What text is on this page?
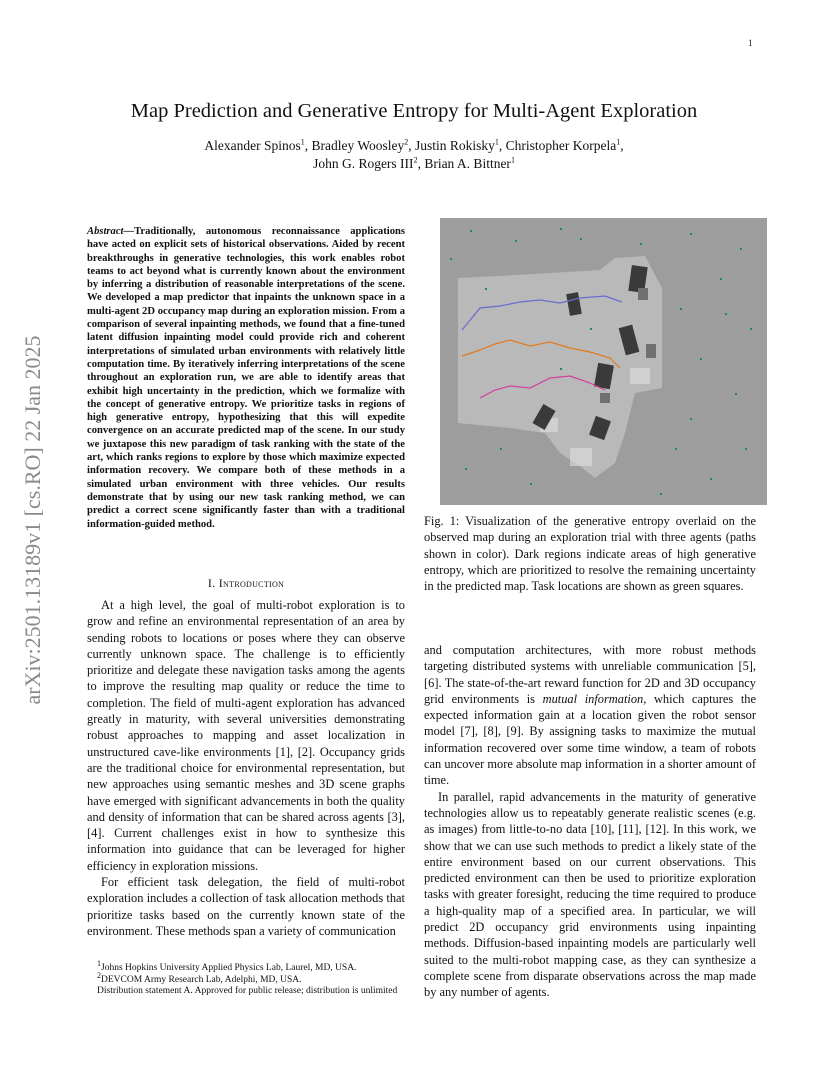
1
Map Prediction and Generative Entropy for Multi-Agent Exploration
Alexander Spinos$^1$, Bradley Woosley$^2$, Justin Rokisky$^1$, Christopher Korpela$^1$,
John G. Rogers III$^2$, Brian A. Bittner$^1$
arXiv:2501.13189v1 [cs.RO] 22 Jan 2025
Abstract—Traditionally, autonomous reconnaissance applications have acted on explicit sets of historical observations. Aided by recent breakthroughs in generative technologies, this work enables robot teams to act beyond what is currently known about the environment by inferring a distribution of reasonable interpretations of the scene. We developed a map predictor that inpaints the unknown space in a multi-agent 2D occupancy map during an exploration mission. From a comparison of several inpainting methods, we found that a fine-tuned latent diffusion inpainting model could provide rich and coherent interpretations of simulated urban environments with relatively little computation time. By iteratively inferring interpretations of the scene throughout an exploration run, we are able to identify areas that exhibit high uncertainty in the prediction, which we formalize with the concept of generative entropy. We prioritize tasks in regions of high generative entropy, hypothesizing that this will expedite convergence on an accurate predicted map of the scene. In our study we juxtapose this new paradigm of task ranking with the state of the art, which ranks regions to explore by those which maximize expected information recovery. We compare both of these methods in a simulated urban environment with three vehicles. Our results demonstrate that by using our new task ranking method, we can predict a correct scene significantly faster than with a traditional information-guided method.
I. Introduction

At a high level, the goal of multi-robot exploration is to grow and refine an environmental representation of an area by sending robots to locations or poses where they can observe currently unknown space. The challenge is to efficiently prioritize and delegate these navigation tasks among the agents to improve the resulting map quality or reduce the time to completion. The field of multi-agent exploration has advanced greatly in maturity, with several universities demonstrating robust approaches to mapping and asset localization in unstructured cave-like environments [1], [2]. Occupancy grids are the traditional choice for environmental representation, but new approaches using semantic meshes and 3D scene graphs have emerged with significant advancements in both the quality and density of information that can be shared across agents [3], [4]. Current challenges exist in how to synthesize this information into guidance that can be leveraged for higher efficiency in exploration missions.

For efficient task delegation, the field of multi-robot exploration includes a collection of task allocation methods that prioritize tasks based on the currently known state of the environment. These methods span a variety of communication

$^1$Johns Hopkins University Applied Physics Lab, Laurel, MD, USA.
$^2$DEVCOM Army Research Lab, Adelphi, MD, USA.
Distribution statement A. Approved for public release; distribution is unlimited
Fig. 1: Visualization of the generative entropy overlaid on the observed map during an exploration trial with three agents (paths shown in color). Dark regions indicate areas of high generative entropy, which are prioritized to resolve the remaining uncertainty in the predicted map. Task locations are shown as green squares.

and computation architectures, with more robust methods targeting distributed systems with unreliable communication [5], [6]. The state-of-the-art reward function for 2D and 3D occupancy grid environments is mutual information, which captures the expected information gain at a location given the robot sensor model [7], [8], [9]. By assigning tasks to maximize the mutual information recovered over some time window, a team of robots can uncover more absolute map information in a shorter amount of time.

In parallel, rapid advancements in the maturity of generative technologies allow us to repeatably generate realistic scenes (e.g. as images) from little-to-no data [10], [11], [12]. In this work, we show that we can use such methods to predict a likely state of the entire environment based on our current observations. This predicted environment can then be used to prioritize exploration tasks with greater foresight, reducing the time required to produce a high-quality map of a specified area. In particular, we will predict 2D occupancy grid environments using inpainting methods. Diffusion-based inpainting models are particularly well suited to the multi-robot mapping case, as they can synthesize a complete scene from disparate observations across the map made by any number of agents.
